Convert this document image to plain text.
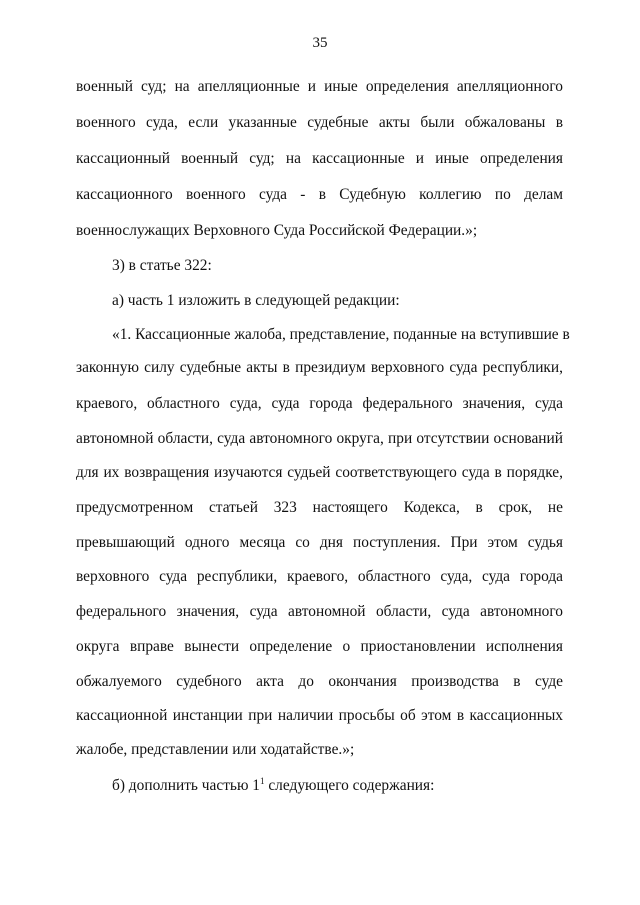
35
военный суд; на апелляционные и иные определения апелляционного
военного суда, если указанные судебные акты были обжалованы в
кассационный военный суд; на кассационные и иные определения
кассационного военного суда - в Судебную коллегию по делам
военнослужащих Верховного Суда Российской Федерации.»;
3) в статье 322:
а) часть 1 изложить в следующей редакции:
«1. Кассационные жалоба, представление, поданные на вступившие в
законную силу судебные акты в президиум верховного суда республики,
краевого, областного суда, суда города федерального значения, суда
автономной области, суда автономного округа, при отсутствии оснований
для их возвращения изучаются судьей соответствующего суда в порядке,
предусмотренном статьей 323 настоящего Кодекса, в срок, не
превышающий одного месяца со дня поступления. При этом судья
верховного суда республики, краевого, областного суда, суда города
федерального значения, суда автономной области, суда автономного
округа вправе вынести определение о приостановлении исполнения
обжалуемого судебного акта до окончания производства в суде
кассационной инстанции при наличии просьбы об этом в кассационных
жалобе, представлении или ходатайстве.»;
б) дополнить частью $1^1$ следующего содержания:
